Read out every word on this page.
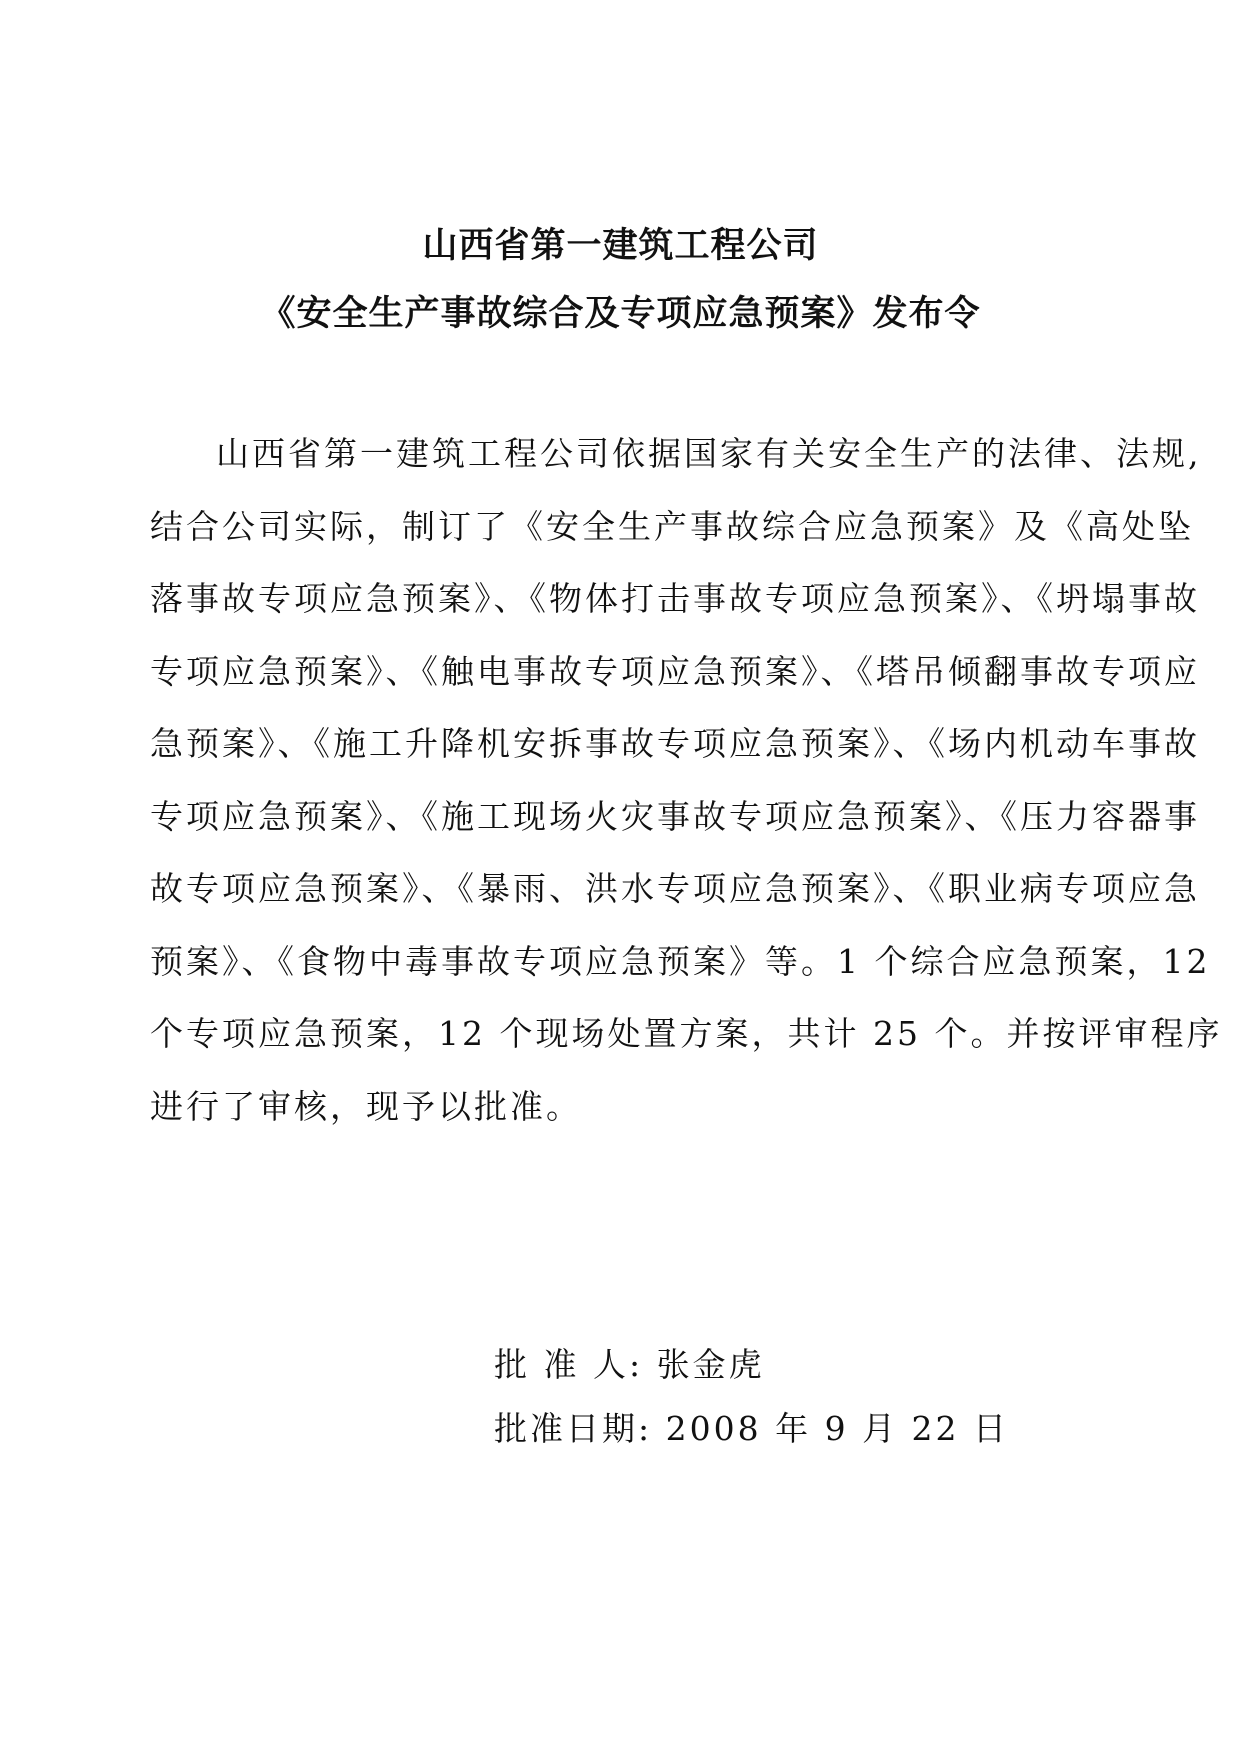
山西省第一建筑工程公司
《安全生产事故综合及专项应急预案》发布令
山西省第一建筑工程公司依据国家有关安全生产的法律、法规,
结合公司实际，制订了《安全生产事故综合应急预案》及《高处坠
落事故专项应急预案》、《物体打击事故专项应急预案》、《坍塌事故
专项应急预案》、《触电事故专项应急预案》、《塔吊倾翻事故专项应
急预案》、《施工升降机安拆事故专项应急预案》、《场内机动车事故
专项应急预案》、《施工现场火灾事故专项应急预案》、《压力容器事
故专项应急预案》、《暴雨、洪水专项应急预案》、《职业病专项应急
预案》、《食物中毒事故专项应急预案》等。1 个综合应急预案，12
个专项应急预案，12 个现场处置方案，共计 25 个。并按评审程序
进行了审核，现予以批准。
批 准 人: 张金虎
批准日期: 2008 年 9 月 22 日
